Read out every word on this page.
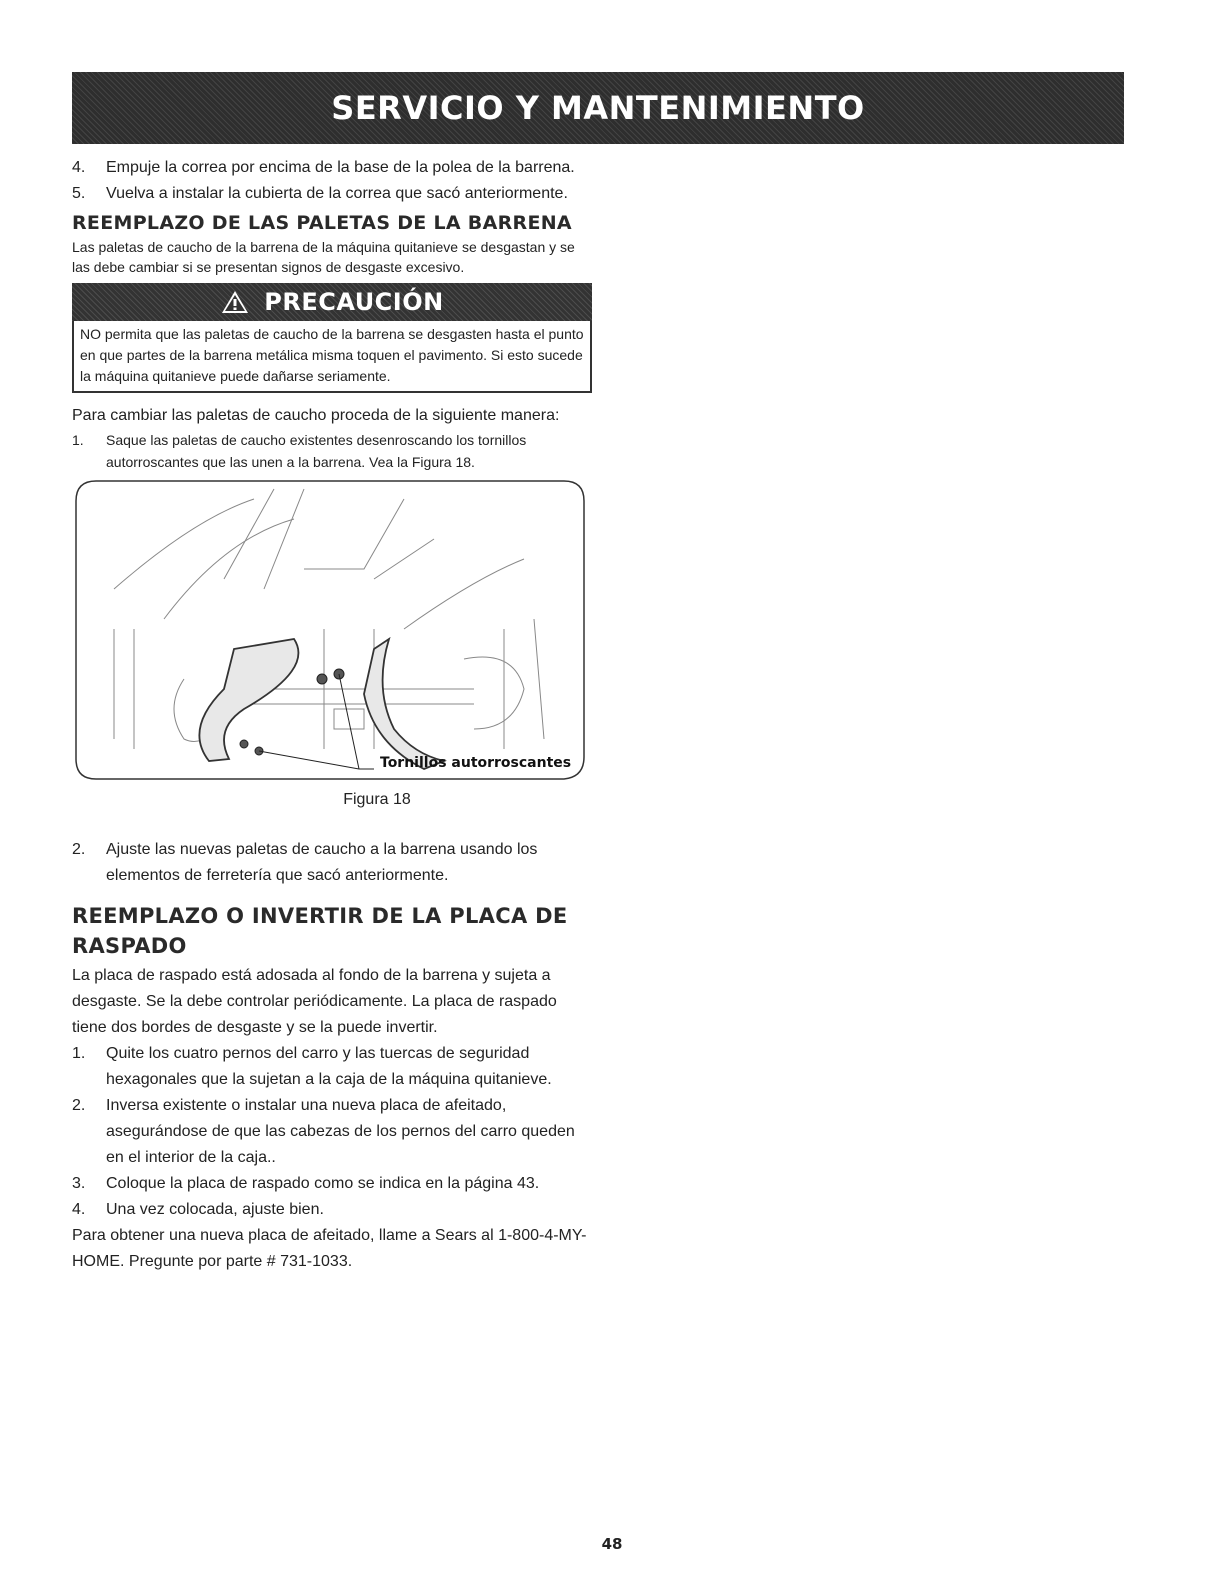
SERVICIO Y MANTENIMIENTO
4.	Empuje la correa por encima de la base de la polea de la barrena.
5.	Vuelva a instalar la cubierta de la correa que sacó anteriormente.
REEMPLAZO DE LAS PALETAS DE LA BARRENA

Las paletas de caucho de la barrena de la máquina quitanieve se desgastan y se las debe cambiar si se presentan signos de desgaste excesivo.

PRECAUCIÓN
NO permita que las paletas de caucho de la barrena se desgasten hasta el punto en que partes de la barrena metálica misma toquen el pavimento. Si esto sucede la máquina quitanieve puede dañarse seriamente.

Para cambiar las paletas de caucho proceda de la siguiente manera:

1.	Saque las paletas de caucho existentes desenroscando los tornillos autorroscantes que las unen a la barrena. Vea la Figura 18.
Tornillos autorroscantes

Figura 18

2.	Ajuste las nuevas paletas de caucho a la barrena usando los elementos de ferretería que sacó anteriormente.
REEMPLAZO O INVERTIR DE LA PLACA DE RASPADO

La placa de raspado está adosada al fondo de la barrena y sujeta a desgaste. Se la debe controlar periódicamente. La placa de raspado tiene dos bordes de desgaste y se la puede invertir.

1.	Quite los cuatro pernos del carro y las tuercas de seguridad hexagonales que la sujetan a la caja de la máquina quitanieve.
2.	Inversa existente o instalar una nueva placa de afeitado, asegurándose de que las cabezas de los pernos del carro queden en el interior de la caja..
3.	Coloque la placa de raspado como se indica en la página 43.
4.	Una vez colocada, ajuste bien.

Para obtener una nueva placa de afeitado, llame a Sears al 1-800-4-MY-HOME. Pregunte por parte # 731-1033.

48
